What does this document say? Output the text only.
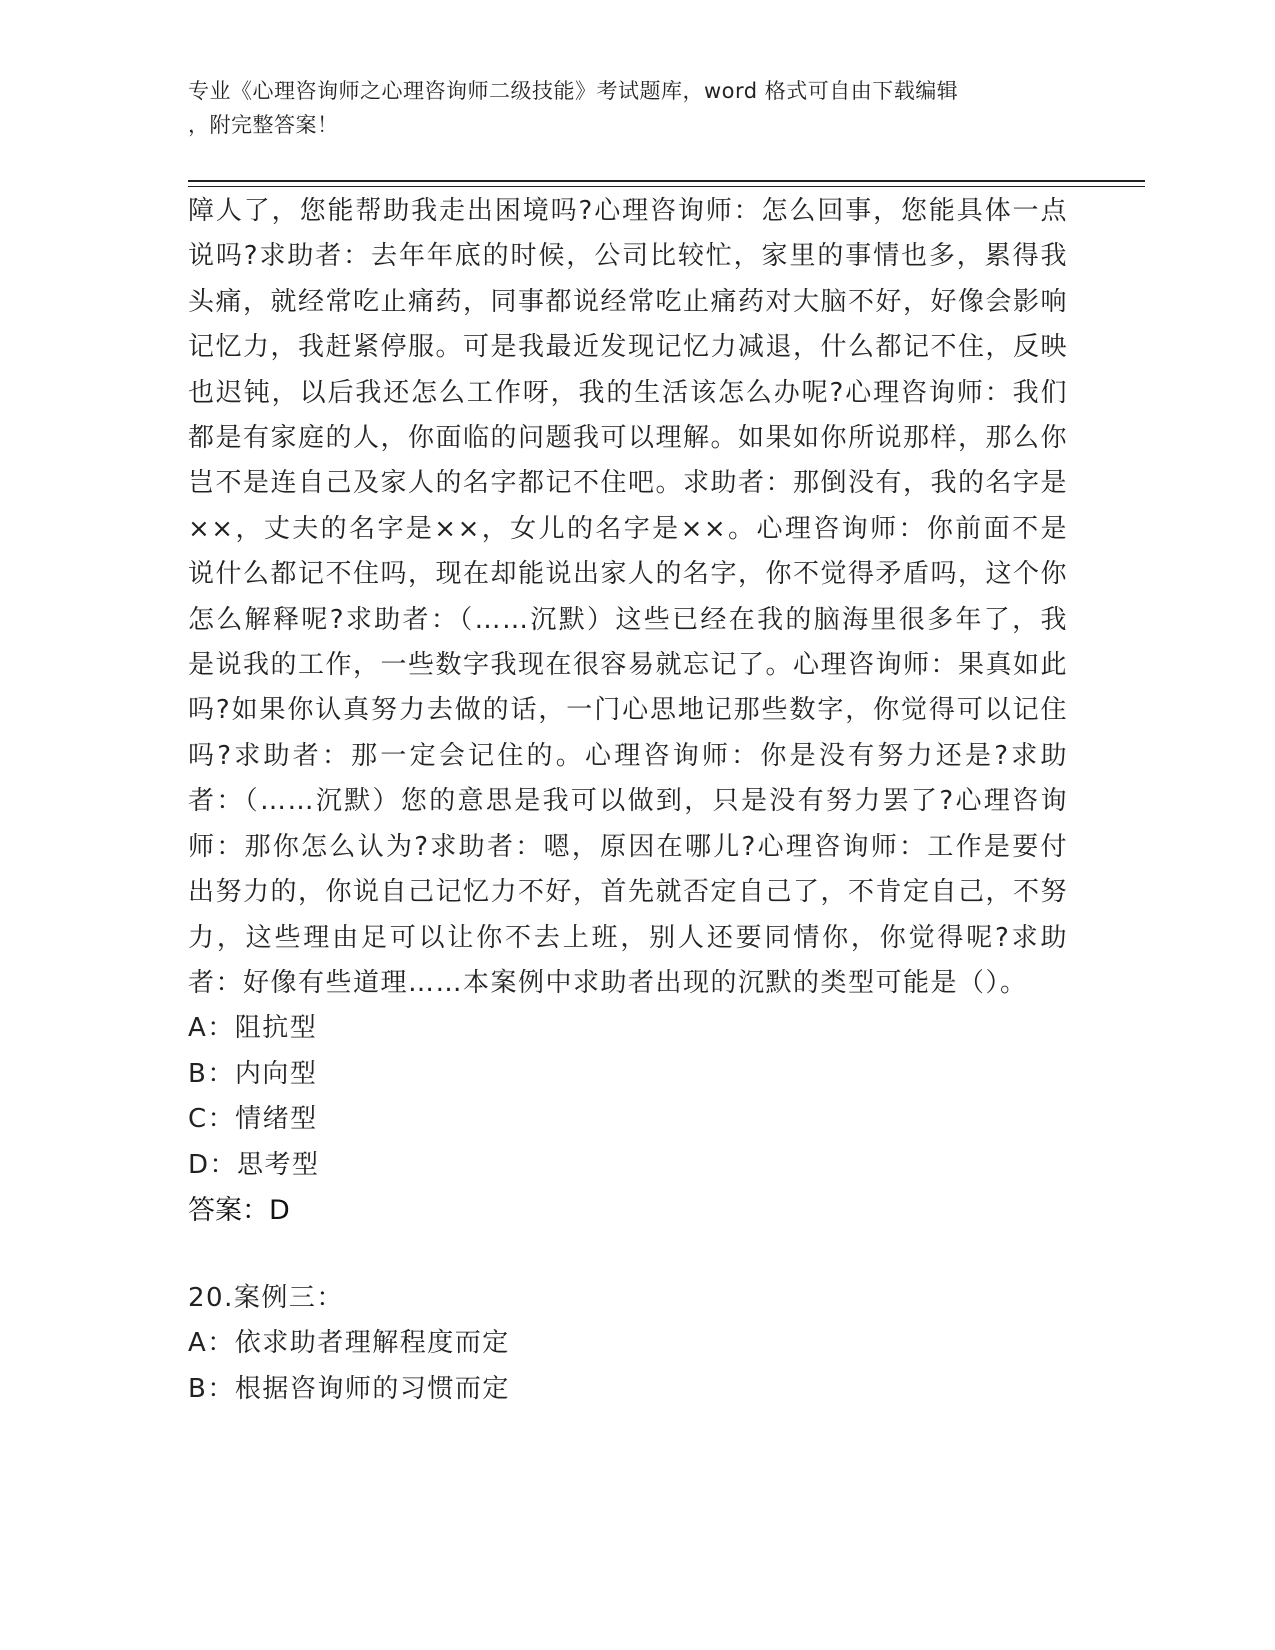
专业《心理咨询师之心理咨询师二级技能》考试题库，word 格式可自由下载编辑
，附完整答案！

障人了，您能帮助我走出困境吗?心理咨询师：怎么回事，您能具体一点说吗?求助者：去年年底的时候，公司比较忙，家里的事情也多，累得我头痛，就经常吃止痛药，同事都说经常吃止痛药对大脑不好，好像会影响记忆力，我赶紧停服。可是我最近发现记忆力减退，什么都记不住，反映也迟钝，以后我还怎么工作呀，我的生活该怎么办呢?心理咨询师：我们都是有家庭的人，你面临的问题我可以理解。如果如你所说那样，那么你岂不是连自己及家人的名字都记不住吧。求助者：那倒没有，我的名字是××，丈夫的名字是××，女儿的名字是××。心理咨询师：你前面不是说什么都记不住吗，现在却能说出家人的名字，你不觉得矛盾吗，这个你怎么解释呢?求助者：（……沉默）这些已经在我的脑海里很多年了，我是说我的工作，一些数字我现在很容易就忘记了。心理咨询师：果真如此吗?如果你认真努力去做的话，一门心思地记那些数字，你觉得可以记住吗?求助者：那一定会记住的。心理咨询师：你是没有努力还是?求助者：（……沉默）您的意思是我可以做到，只是没有努力罢了?心理咨询师：那你怎么认为?求助者：嗯，原因在哪儿?心理咨询师：工作是要付出努力的，你说自己记忆力不好，首先就否定自己了，不肯定自己，不努力，这些理由足可以让你不去上班，别人还要同情你，你觉得呢?求助者：好像有些道理……本案例中求助者出现的沉默的类型可能是（）。

A：阻抗型

B：内向型

C：情绪型

D：思考型

答案：D

20.案例三：

A：依求助者理解程度而定

B：根据咨询师的习惯而定
